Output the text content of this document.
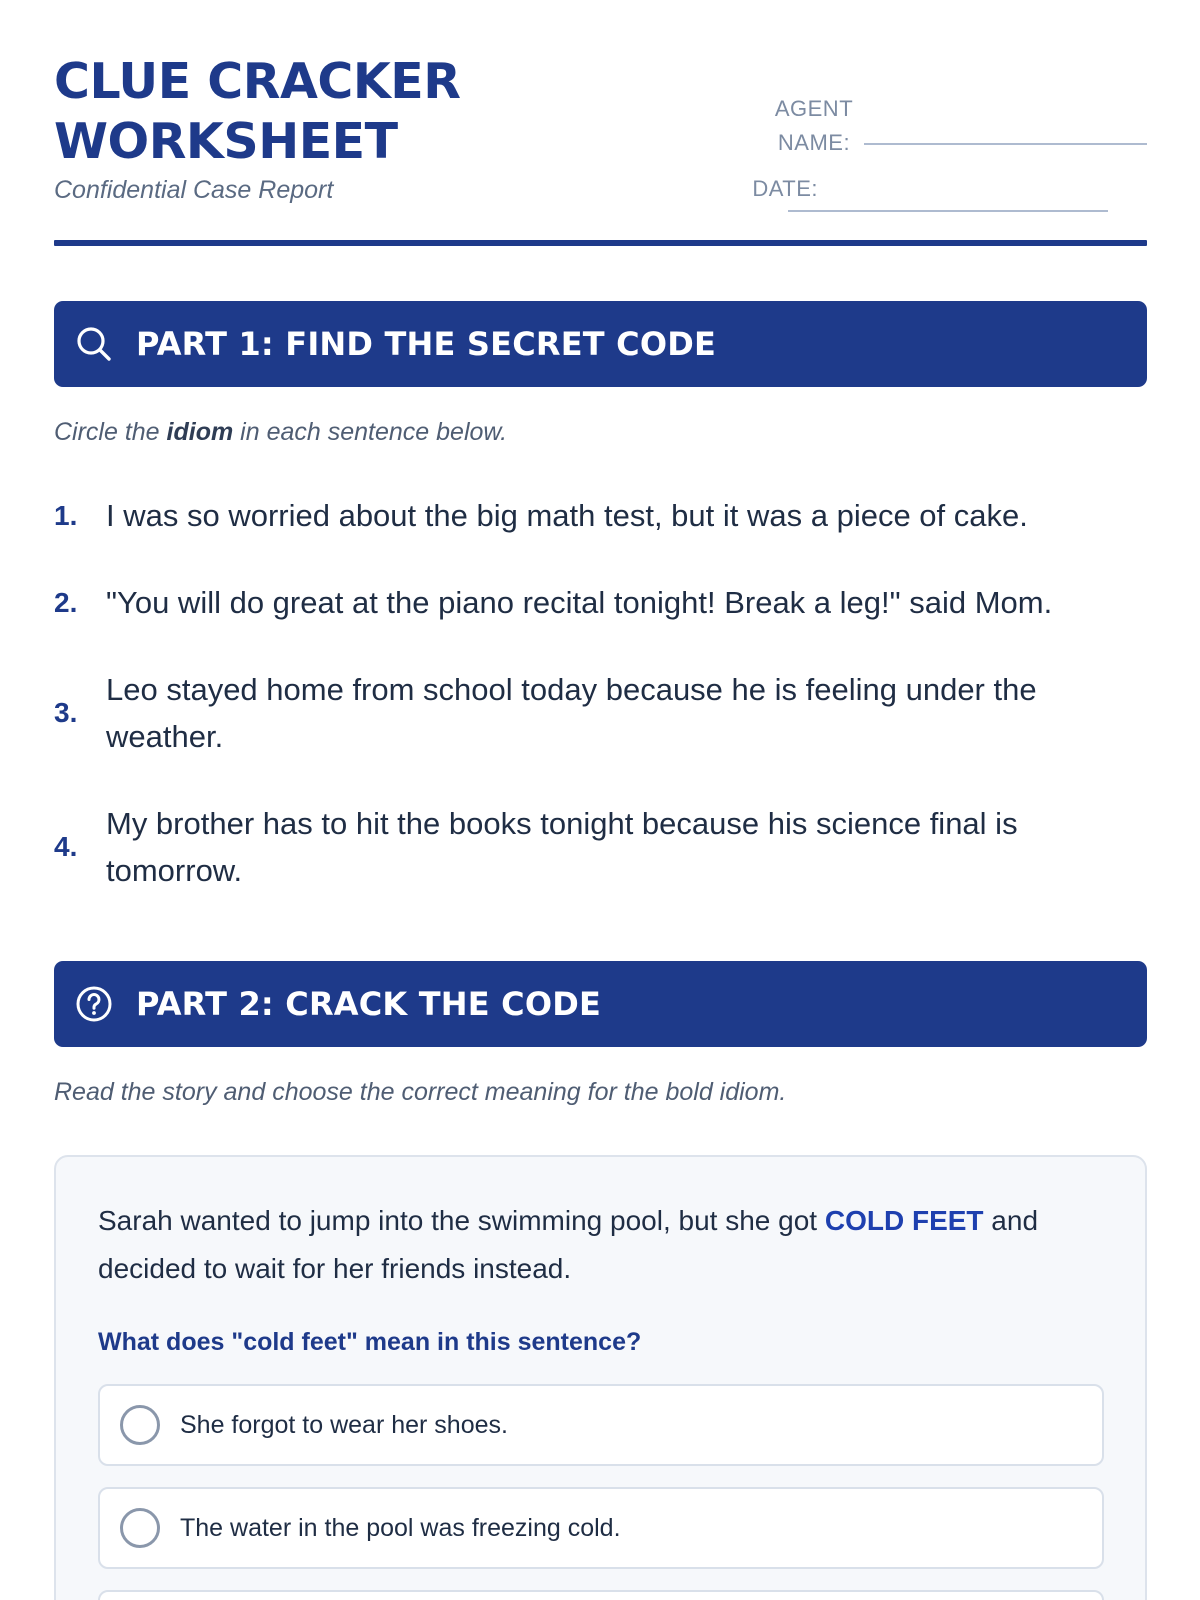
CLUE CRACKER
WORKSHEET
Confidential Case Report
AGENT
NAME:
DATE:
PART 1: FIND THE SECRET CODE
Circle the idiom in each sentence below.
1. I was so worried about the big math test, but it was a piece of cake.
2. "You will do great at the piano recital tonight! Break a leg!" said Mom.
3.
Leo stayed home from school today because he is feeling under the weather.
4.
My brother has to hit the books tonight because his science final is tomorrow.
PART 2: CRACK THE CODE
Read the story and choose the correct meaning for the bold idiom.
Sarah wanted to jump into the swimming pool, but she got COLD FEET and decided to wait for her friends instead.
What does "cold feet" mean in this sentence?
She forgot to wear her shoes.
The water in the pool was freezing cold.
